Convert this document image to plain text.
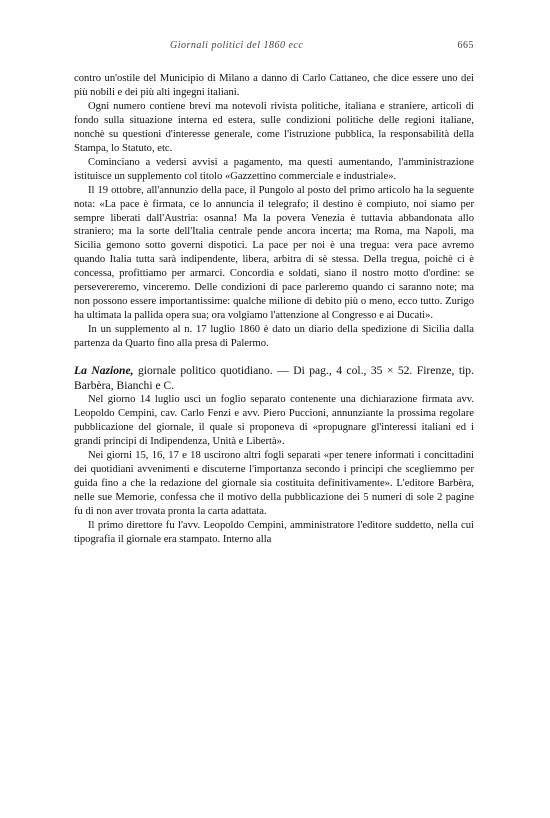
Giornali politici del 1860 ecc	665

contro un'ostile del Municipio di Milano a danno di Carlo Cattaneo, che dice essere uno dei più nobili e dei più alti ingegni italiani.

Ogni numero contiene brevi ma notevoli rivista politiche, italiana e straniere, articoli di fondo sulla situazione interna ed estera, sulle condizioni politiche delle regioni italiane, nonchè su questioni d'interesse generale, come l'istruzione pubblica, la responsabilità della Stampa, lo Statuto, etc.

Cominciano a vedersi avvisi a pagamento, ma questi aumentando, l'amministrazione istituisce un supplemento col titolo «Gazzettino commerciale e industriale».

Il 19 ottobre, all'annunzio della pace, il Pungolo al posto del primo articolo ha la seguente nota: «La pace è firmata, ce lo annuncia il telegrafo; il destino è compiuto, noi siamo per sempre liberati dall'Austria: osanna! Ma la povera Venezia è tuttavia abbandonata allo straniero; ma la sorte dell'Italia centrale pende ancora incerta; ma Roma, ma Napoli, ma Sicilia gemono sotto governi dispotici. La pace per noi è una tregua: vera pace avremo quando Italia tutta sarà indipendente, libera, arbitra di sè stessa. Della tregua, poichè ci è concessa, profittiamo per armarci. Concordia e soldati, siano il nostro motto d'ordine: se persevereremo, vinceremo. Delle condizioni di pace parleremo quando ci saranno note; ma non possono essere importantissime: qualche milione di debito più o meno, ecco tutto. Zurigo ha ultimata la pallida opera sua; ora volgiamo l'attenzione al Congresso e ai Ducati».

In un supplemento al n. 17 luglio 1860 è dato un diario della spedizione di Sicilia dalla partenza da Quarto fino alla presa di Palermo.

La Nazione, giornale politico quotidiano. — Di pag., 4 col., 35 × 52. Firenze, tip. Barbèra, Bianchi e C.

Nel giorno 14 luglio uscì un foglio separato contenente una dichiarazione firmata avv. Leopoldo Cempini, cav. Carlo Fenzi e avv. Piero Puccioni, annunziante la prossima regolare pubblicazione del giornale, il quale si proponeva di «propugnare gl'interessi italiani ed i grandi principi di Indipendenza, Unità e Libertà».

Nei giorni 15, 16, 17 e 18 uscirono altri fogli separati «per tenere informati i concittadini dei quotidiani avvenimenti e discuterne l'importanza secondo i principi che scegliemmo per guida fino a che la redazione del giornale sia costituita definitivamente». L'editore Barbèra, nelle sue Memorie, confessa che il motivo della pubblicazione dei 5 numeri di sole 2 pagine fu di non aver trovata pronta la carta adattata.

Il primo direttore fu l'avv. Leopoldo Cempini, amministratore l'editore suddetto, nella cui tipografia il giornale era stampato. Interno alla
